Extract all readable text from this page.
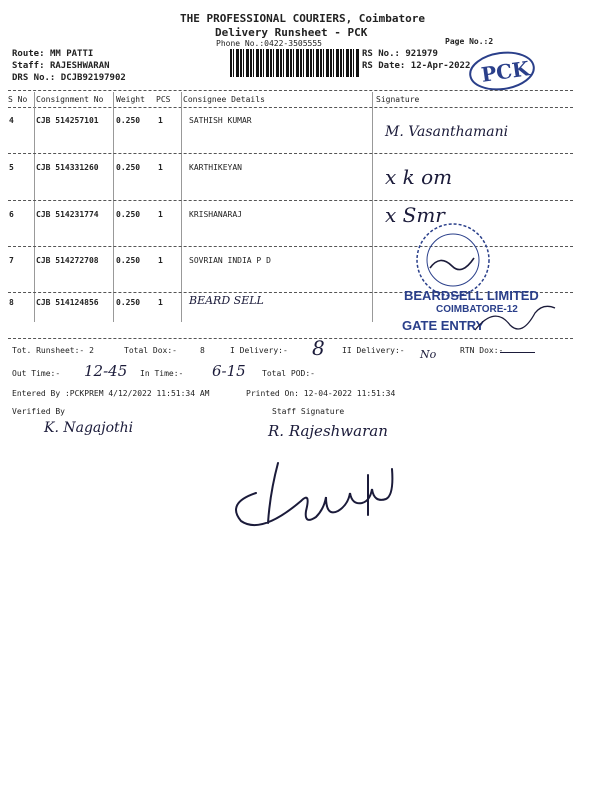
THE PROFESSIONAL COURIERS, Coimbatore
Delivery Runsheet - PCK
Phone No.:0422-3505555	Page No.:2
Route: MM PATTI
Staff: RAJESHWARAN
DRS No.: DCJB92197902
RS No.: 921979
RS Date: 12-Apr-2022 PCK
S No Consignment No Weight PCS Consignee Details	Signature
4	CJB 514257101 0.250 1	SATHISH KUMAR
M. Vasanthamani
5	CJB 514331260 0.250 1	KARTHIKEYAN	x k om
6	CJB 514231774 0.250 1	KRISHANARAJ	x Smr
7	CJB 514272708 0.250 1	SOVRIAN INDIA P D
8	CJB 514124856 0.250 1 BEARD SELL	BEARDSELL LIMITED
COIMBATORE-12
GATE ENTRY
Tot. Runsheet:- 2	Total Dox:-	8	I Delivery:- 8 II Delivery:- No	RTN Dox:-
Out Time:- 12-45 In Time:- 6-15 Total POD:-
Entered By :PCKPREM 4/12/2022 11:51:34 AM	Printed On: 12-04-2022 11:51:34
Verified By
K. Nagajothi
Staff Signature
R. Rajeshwaran
